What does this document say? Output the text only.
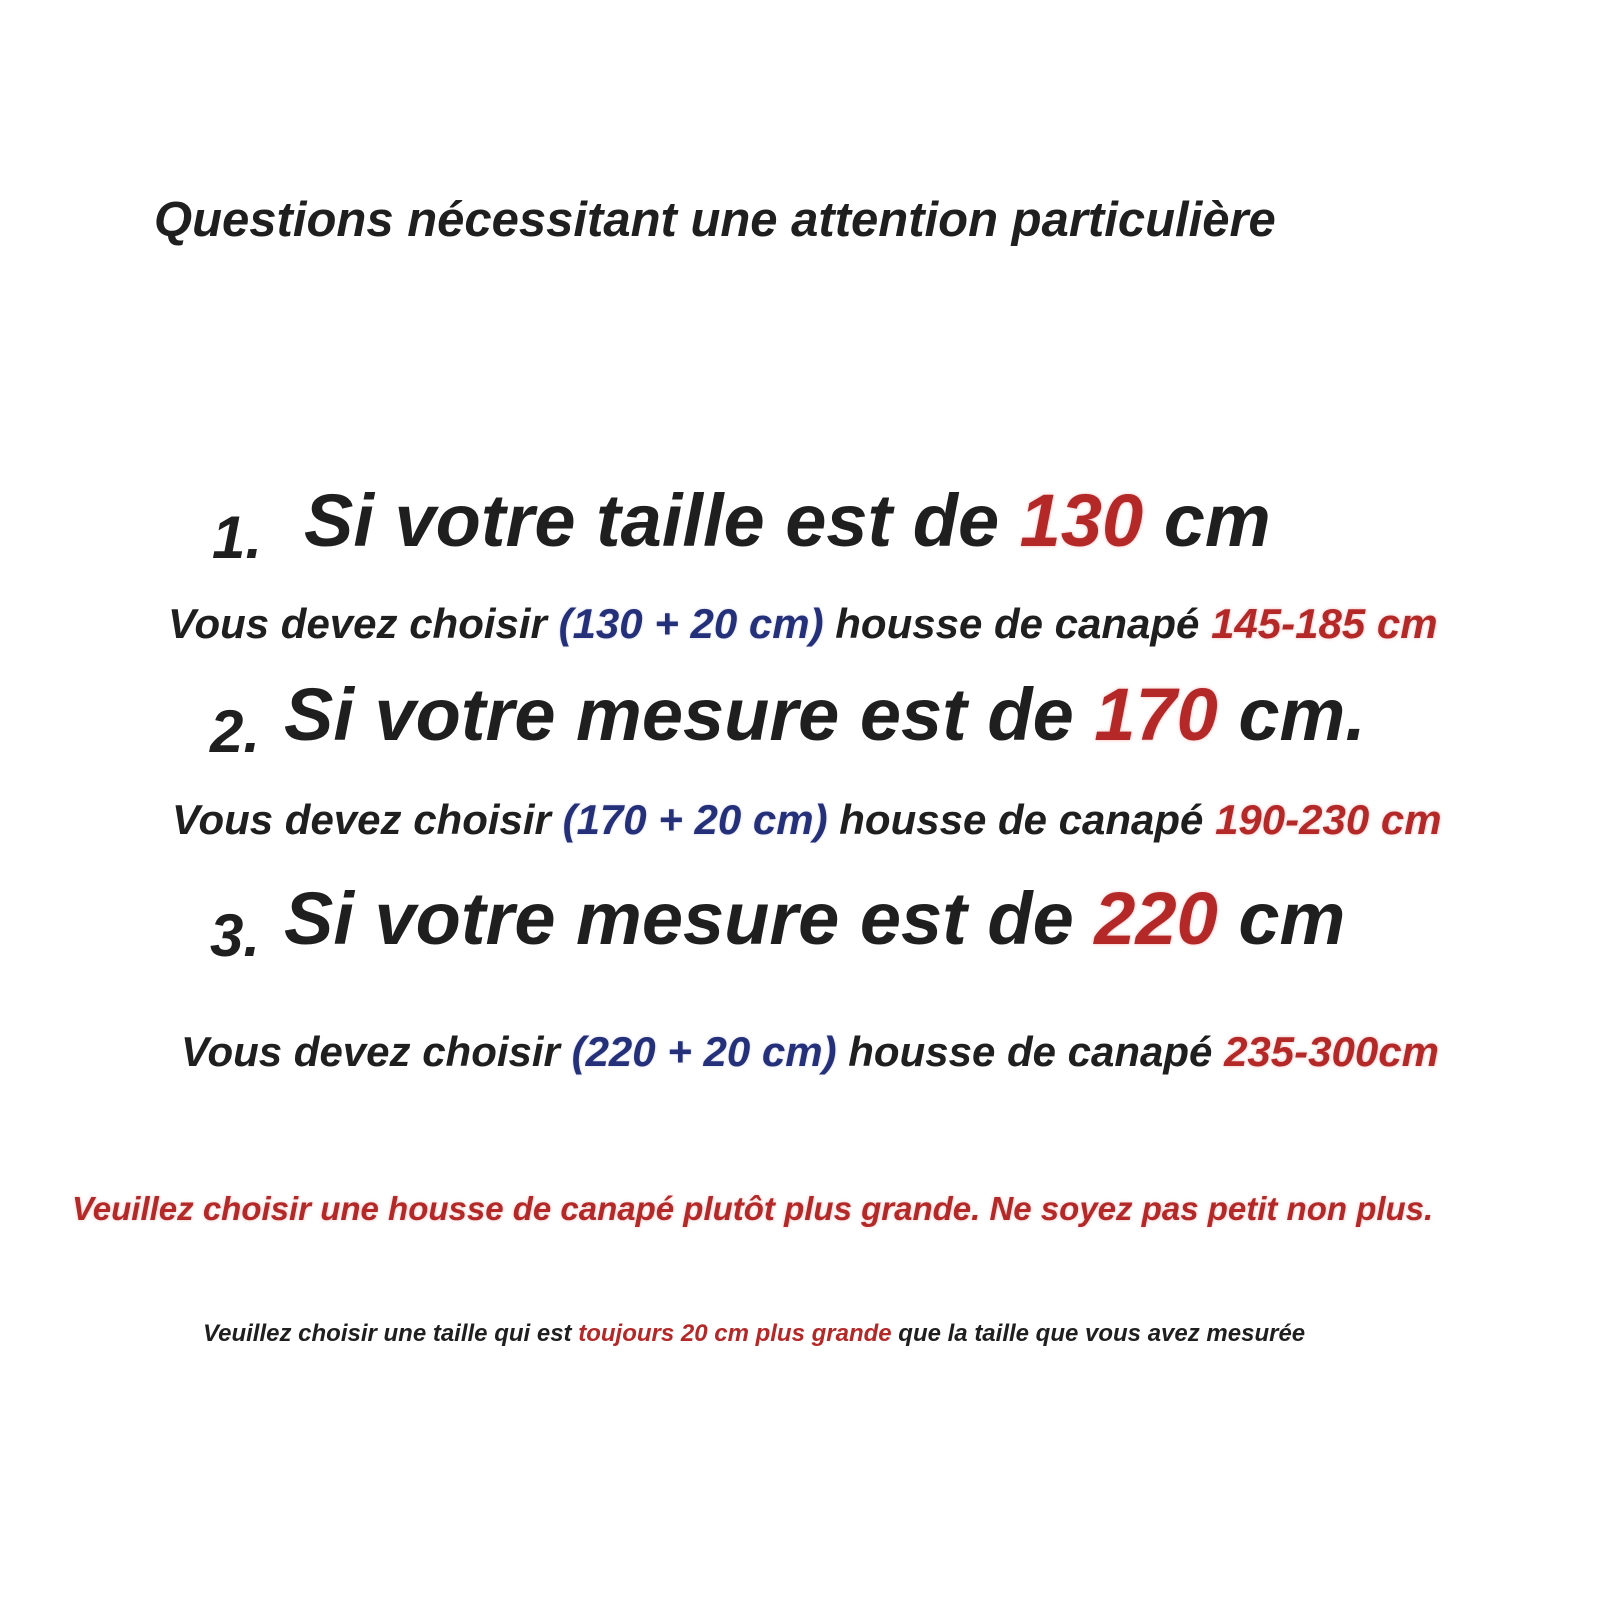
Questions nécessitant une attention particulière
1. Si votre taille est de 130 cm
Vous devez choisir (130 + 20 cm) housse de canapé 145-185 cm
2. Si votre mesure est de 170 cm.
Vous devez choisir (170 + 20 cm) housse de canapé 190-230 cm
3. Si votre mesure est de 220 cm
Vous devez choisir (220 + 20 cm) housse de canapé 235-300cm
Veuillez choisir une housse de canapé plutôt plus grande. Ne soyez pas petit non plus.
Veuillez choisir une taille qui est toujours 20 cm plus grande que la taille que vous avez mesurée
